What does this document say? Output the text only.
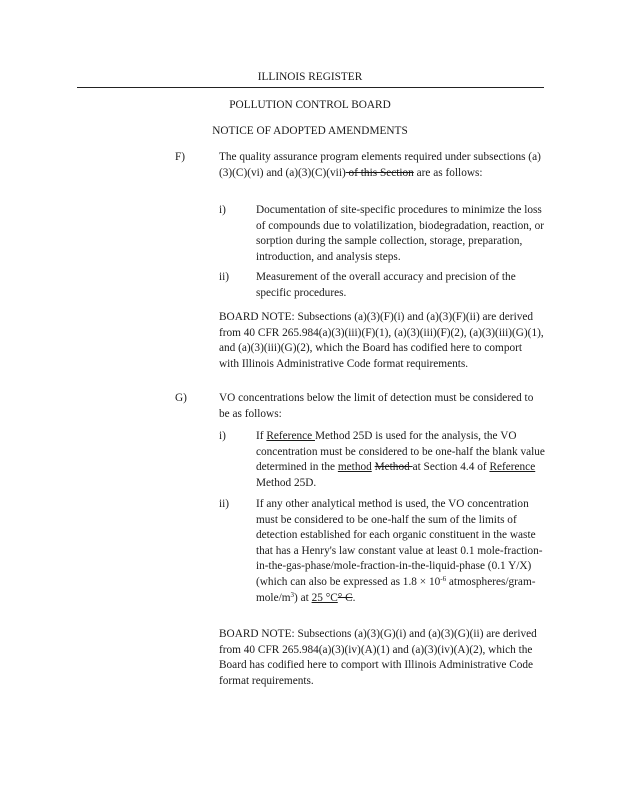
ILLINOIS REGISTER
POLLUTION CONTROL BOARD
NOTICE OF ADOPTED AMENDMENTS
F)	The quality assurance program elements required under subsections (a)(3)(C)(vi) and (a)(3)(C)(vii) of this Section are as follows:
i)	Documentation of site-specific procedures to minimize the loss of compounds due to volatilization, biodegradation, reaction, or sorption during the sample collection, storage, preparation, introduction, and analysis steps.
ii) Measurement of the overall accuracy and precision of the specific procedures.
BOARD NOTE: Subsections (a)(3)(F)(i) and (a)(3)(F)(ii) are derived from 40 CFR 265.984(a)(3)(iii)(F)(1), (a)(3)(iii)(F)(2), (a)(3)(iii)(G)(1), and (a)(3)(iii)(G)(2), which the Board has codified here to comport with Illinois Administrative Code format requirements.
G)	VO concentrations below the limit of detection must be considered to be as follows:
i)	If Reference Method 25D is used for the analysis, the VO concentration must be considered to be one-half the blank value determined in the method Method at Section 4.4 of Reference Method 25D.
ii) If any other analytical method is used, the VO concentration must be considered to be one-half the sum of the limits of detection established for each organic constituent in the waste that has a Henry's law constant value at least 0.1 mole-fraction-in-the-gas-phase/mole-fraction-in-the-liquid-phase (0.1 Y/X) (which can also be expressed as $1.8 \times 10^{-6}$ atmospheres/$gram-mole/m^3$) at 25 °C° C.
BOARD NOTE: Subsections (a)(3)(G)(i) and (a)(3)(G)(ii) are derived from 40 CFR 265.984(a)(3)(iv)(A)(1) and (a)(3)(iv)(A)(2), which the Board has codified here to comport with Illinois Administrative Code format requirements.
